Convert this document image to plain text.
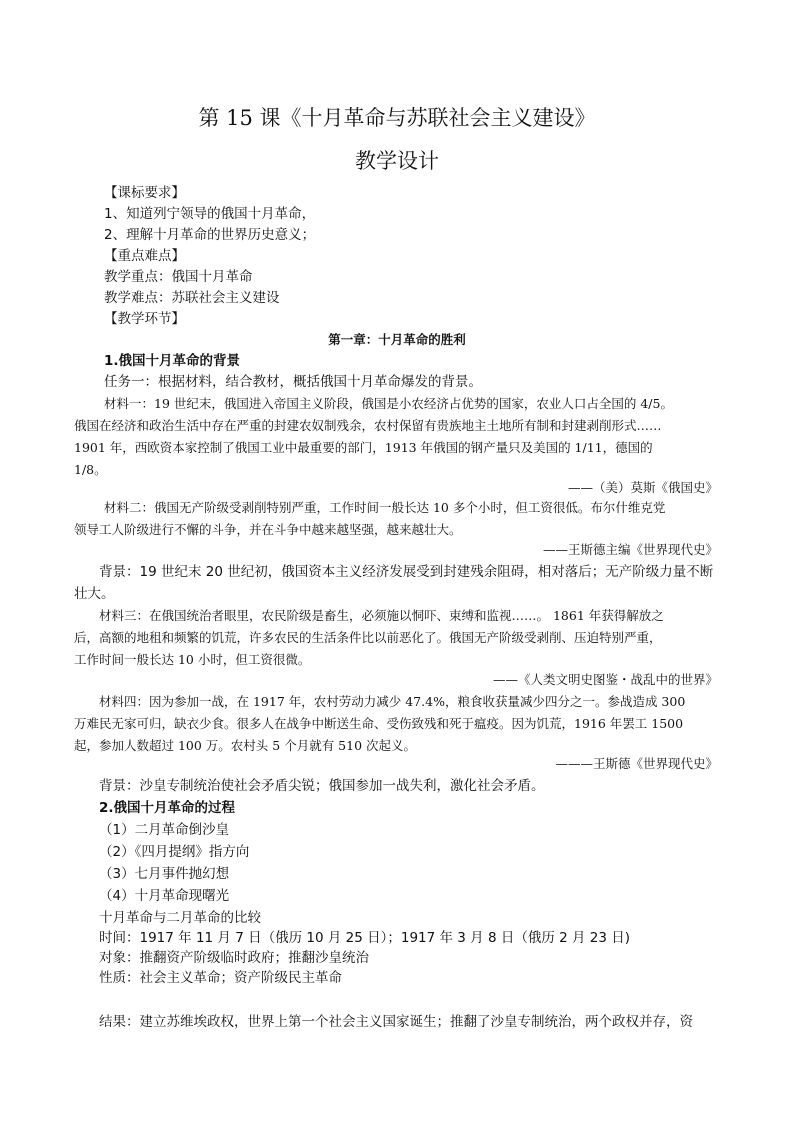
第 15 课《十月革命与苏联社会主义建设》
教学设计
【课标要求】
1、知道列宁领导的俄国十月革命，
2、理解十月革命的世界历史意义；
【重点难点】
教学重点：俄国十月革命
教学难点：苏联社会主义建设
【教学环节】
第一章：十月革命的胜利
1.俄国十月革命的背景
任务一：根据材料，结合教材，概括俄国十月革命爆发的背景。
材料一：19 世纪末，俄国进入帝国主义阶段，俄国是小农经济占优势的国家，农业人口占全国的 4/5。
俄国在经济和政治生活中存在严重的封建农奴制残余，农村保留有贵族地主土地所有制和封建剥削形式……
1901 年，西欧资本家控制了俄国工业中最重要的部门，1913 年俄国的钢产量只及美国的 1/11，德国的
1/8。
——（美）莫斯《俄国史》
材料二：俄国无产阶级受剥削特别严重，工作时间一般长达 10 多个小时，但工资很低。布尔什维克党
领导工人阶级进行不懈的斗争，并在斗争中越来越坚强，越来越壮大。
——王斯德主编《世界现代史》
背景：19 世纪末 20 世纪初，俄国资本主义经济发展受到封建残余阻碍，相对落后；无产阶级力量不断
壮大。
材料三：在俄国统治者眼里，农民阶级是畜生，必须施以恫吓、束缚和监视……。 1861 年获得解放之
后，高额的地租和频繁的饥荒，许多农民的生活条件比以前恶化了。俄国无产阶级受剥削、压迫特别严重，
工作时间一般长达 10 小时，但工资很微。
——《人类文明史图鉴・战乱中的世界》
材料四：因为参加一战，在 1917 年，农村劳动力减少 47.4%，粮食收获量减少四分之一。参战造成 300
万难民无家可归，缺衣少食。很多人在战争中断送生命、受伤致残和死于瘟疫。因为饥荒，1916 年罢工 1500
起，参加人数超过 100 万。农村头 5 个月就有 510 次起义。
———王斯德《世界现代史》
背景：沙皇专制统治使社会矛盾尖锐；俄国参加一战失利，激化社会矛盾。
2.俄国十月革命的过程
（1）二月革命倒沙皇
（2）《四月提纲》指方向
（3）七月事件抛幻想
（4）十月革命现曙光
十月革命与二月革命的比较
时间：1917 年 11 月 7 日（俄历 10 月 25 日）；1917 年 3 月 8 日（俄历 2 月 23 日)
对象：推翻资产阶级临时政府；推翻沙皇统治
性质：社会主义革命；资产阶级民主革命
结果：建立苏维埃政权，世界上第一个社会主义国家诞生；推翻了沙皇专制统治，两个政权并存，资
